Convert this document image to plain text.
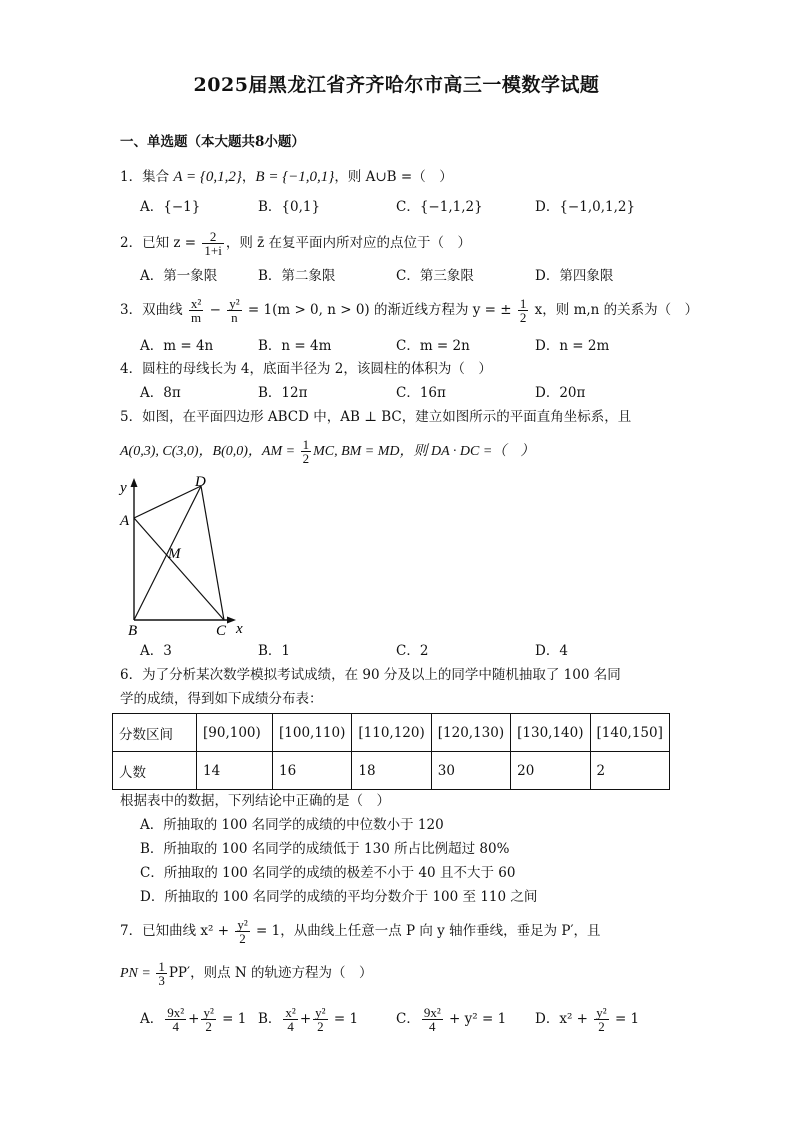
2025届黑龙江省齐齐哈尔市高三一模数学试题
一、单选题（本大题共8小题）
1．集合 A = {0,1,2}，B = {−1,0,1}，则 A∪B =（　）
A．{−1}	B．{0,1}	C．{−1,1,2}	D．{−1,0,1,2}
2．已知 $z = \frac{2}{1+i}$ ，则 z̄ 在复平面内所对应的点位于（　）
A．第一象限	B．第二象限	C．第三象限	D．第四象限
3．双曲线 $\frac{\text{x²}}{m} - \frac{\text{y²}}{n} = 1(m > 0$, n > 0) 的渐近线方程为 y = ± $\frac{1}{2}$ x，则 m,n 的关系为（　）
A．m = 4n	B．n = 4m	C．m = 2n	D．n = 2m
4．圆柱的母线长为 4，底面半径为 2，该圆柱的体积为（　）
A．8π	B．12π	C．16π	D．20π
5．如图，在平面四边形 ABCD 中，AB ⊥ BC，建立如图所示的平面直角坐标系，且
A(0,3), C(3,0)，B(0,0)，AM = $\frac{1}{2}$ MC, BM = MD，则 DA · DC =（　）
y
x
A
B	C
D
M
A．3	B．1	C．2	D．4
6．为了分析某次数学模拟考试成绩，在 90 分及以上的同学中随机抽取了 100 名同
学的成绩，得到如下成绩分布表：
分数区间	[90,100)	[100,110)	[110,120)	[120,130)	[130,140)	[140,150]
人数	14	16	18	30	20	2
根据表中的数据，下列结论中正确的是（　）
A．所抽取的 100 名同学的成绩的中位数小于 120
B．所抽取的 100 名同学的成绩低于 130 所占比例超过 80%
C．所抽取的 100 名同学的成绩的极差不小于 40 且不大于 60
D．所抽取的 100 名同学的成绩的平均分数介于 100 至 110 之间
7．已知曲线 $x^2 + \frac{\text{y²}}{2} = 1$，从曲线上任意一点 P 向 y 轴作垂线，垂足为 P′，且
PN = $\frac{1}{3} PP'$，则点 N 的轨迹方程为（　）
A． $\frac{\text{9x²}}{4} + \frac{\text{y²}}{2} = 1$ B． $\frac{\text{x²}}{4} + \frac{\text{y²}}{2} = 1$	C． $\frac{\text{9x²}}{4} + y^2 = 1$ D．$x^2 + \frac{\text{y²}}{2} = 1$
